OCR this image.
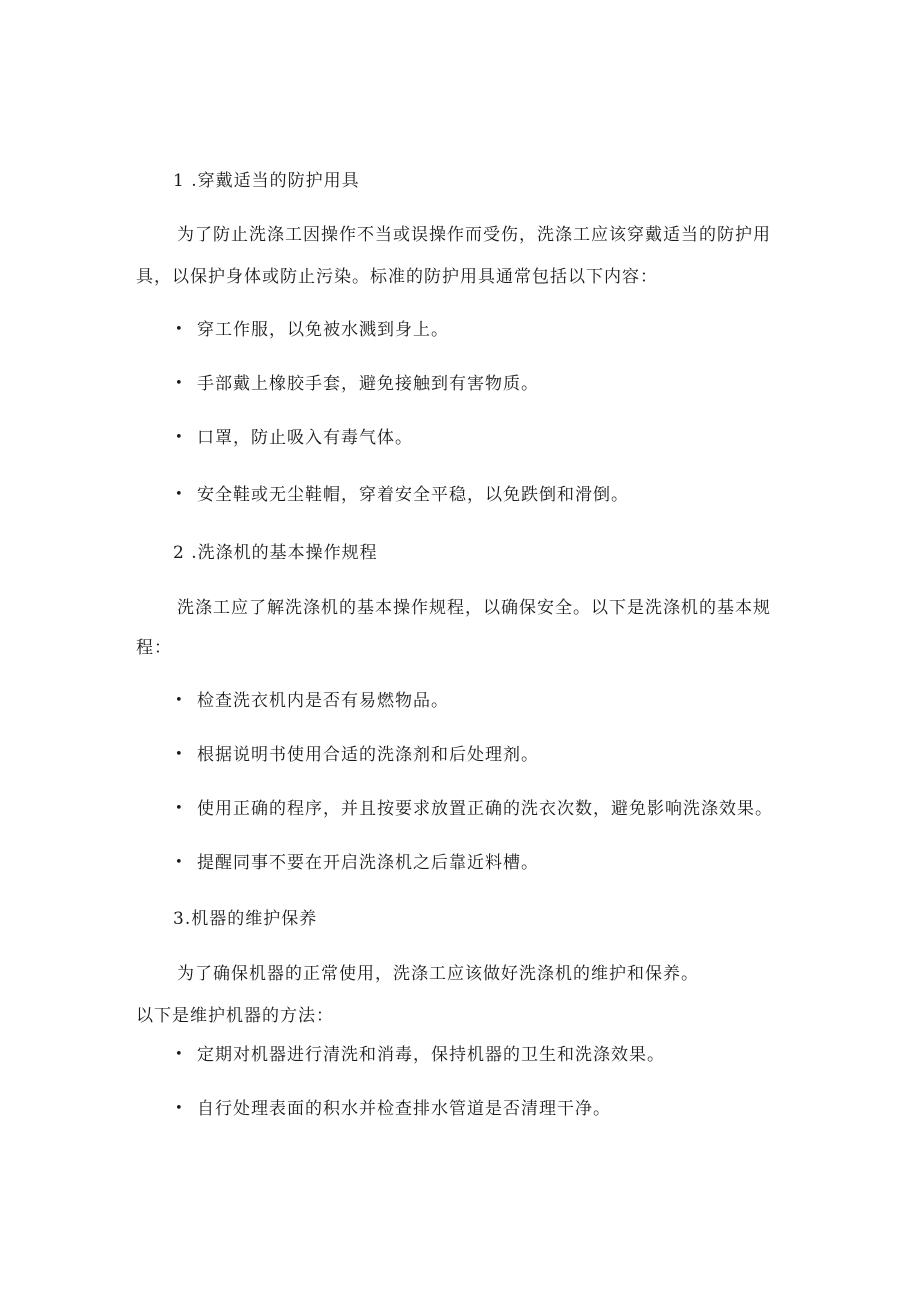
1 .穿戴适当的防护用具
为了防止洗涤工因操作不当或误操作而受伤，洗涤工应该穿戴适当的防护用
具，以保护身体或防止污染。标准的防护用具通常包括以下内容：
• 穿工作服，以免被水溅到身上。
• 手部戴上橡胶手套，避免接触到有害物质。
• 口罩，防止吸入有毒气体。
• 安全鞋或无尘鞋帽，穿着安全平稳，以免跌倒和滑倒。
2 .洗涤机的基本操作规程
洗涤工应了解洗涤机的基本操作规程，以确保安全。以下是洗涤机的基本规
程：
• 检查洗衣机内是否有易燃物品。
• 根据说明书使用合适的洗涤剂和后处理剂。
• 使用正确的程序，并且按要求放置正确的洗衣次数，避免影响洗涤效果。
• 提醒同事不要在开启洗涤机之后靠近料槽。
3.机器的维护保养
为了确保机器的正常使用，洗涤工应该做好洗涤机的维护和保养。
以下是维护机器的方法：
• 定期对机器进行清洗和消毒，保持机器的卫生和洗涤效果。
• 自行处理表面的积水并检查排水管道是否清理干净。
